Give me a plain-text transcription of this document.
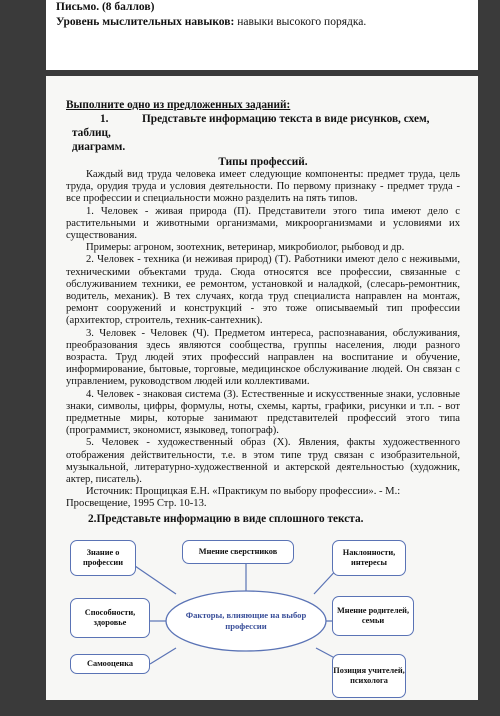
Письмо. (8 баллов)
Уровень мыслительных навыков: навыки высокого порядка.
Выполните одно из предложенных заданий:
1.	Представьте информацию текста в виде рисунков, схем, таблиц,
диаграмм.
Типы профессий.

Каждый вид труда человека имеет следующие компоненты: предмет труда, цель труда, орудия труда и условия деятельности. По первому признаку - предмет труда - все профессии и специальности можно разделить на пять типов.

1. Человек - живая природа (П). Представители этого типа имеют дело с растительными и животными организмами, микроорганизмами и условиями их существования.

Примеры: агроном, зоотехник, ветеринар, микробиолог, рыбовод и др.

2. Человек - техника (и неживая природ) (Т). Работники имеют дело с неживыми, техническими объектами труда. Сюда относятся все профессии, связанные с обслуживанием техники, ее ремонтом, установкой и наладкой, (слесарь-ремонтник, водитель, механик). В тех случаях, когда труд специалиста направлен на монтаж, ремонт сооружений и конструкций - это тоже описываемый тип профессии (архитектор, строитель, техник-сантехник).

3. Человек - Человек (Ч). Предметом интереса, распознавания, обслуживания, преобразования здесь являются сообщества, группы населения, люди разного возраста. Труд людей этих профессий направлен на воспитание и обучение, информирование, бытовые, торговые, медицинское обслуживание людей. Он связан с управлением, руководством людей или коллективами.

4. Человек - знаковая система (З). Естественные и искусственные знаки, условные знаки, символы, цифры, формулы, ноты, схемы, карты, графики, рисунки и т.п. - вот предметные миры, которые занимают представителей профессий этого типа (программист, экономист, языковед, топограф).

5. Человек - художественный образ (Х). Явления, факты художественного отображения действительности, т.е. в этом типе труд связан с изобразительной, музыкальной, литературно-художественной и актерской деятельностью (художник, актер, писатель).

Источник: Прощицкая Е.Н. «Практикум по выбору профессии». - М.: Просвещение, 1995 Стр. 10-13.

2.Представьте информацию в виде сплошного текста.
Знание о профессии
Мнение сверстников	Наклонности, интересы
Способности, здоровье
Факторы, влияющие на выбор профессии
Мнение родителей, семьи
Самооценка
Позиция учителей, психолога
